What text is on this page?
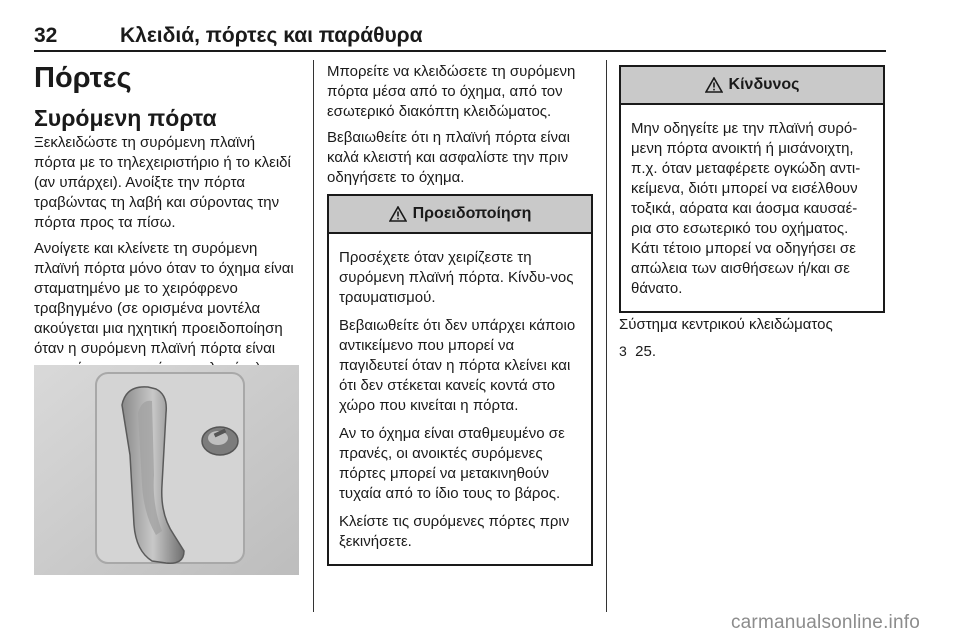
32	Κλειδιά, πόρτες και παράθυρα
Πόρτες
Συρόμενη πόρτα

Ξεκλειδώστε τη συρόμενη πλαϊνή πόρτα με το τηλεχειριστήριο ή το κλειδί (αν υπάρχει). Ανοίξτε την πόρτα τραβώντας τη λαβή και σύροντας την πόρτα προς τα πίσω.

Ανοίγετε και κλείνετε τη συρόμενη πλαϊνή πόρτα μόνο όταν το όχημα είναι σταματημένο με το χειρόφρενο τραβηγμένο (σε ορισμένα μοντέλα ακούγεται μια ηχητική προειδοποίηση όταν η συρόμενη πλαϊνή πόρτα είναι

Μπορείτε να κλειδώσετε τη συρόμενη πόρτα μέσα από το όχημα, από τον εσωτερικό διακόπτη κλειδώματος.

Βεβαιωθείτε ότι η πλαϊνή πόρτα είναι καλά κλειστή και ασφαλίστε την πριν οδηγήσετε το όχημα.

Προειδοποίηση

Προσέχετε όταν χειρίζεστε τη συρόμενη πλαϊνή πόρτα. Κίνδυ-νος τραυματισμού.

Βεβαιωθείτε ότι δεν υπάρχει κάποιο αντικείμενο που μπορεί να παγιδευτεί όταν η πόρτα κλείνει και ότι δεν στέκεται κανείς κοντά στο χώρο που κινείται η πόρτα.

Αν το όχημα είναι σταθμευμένο σε πρανές, οι ανοικτές συρόμενες πόρτες μπορεί να μετακινηθούν τυχαία από το ίδιο τους το βάρος.

Κλείστε τις συρόμενες πόρτες πριν ξεκινήσετε.

Κίνδυνος

Μην οδηγείτε με την πλαϊνή συρό-μενη πόρτα ανοικτή ή μισάνοιχτη, π.χ. όταν μεταφέρετε ογκώδη αντι-κείμενα, διότι μπορεί να εισέλθουν τοξικά, αόρατα και άοσμα καυσαέ-ρια στο εσωτερικό του οχήματος. Κάτι τέτοιο μπορεί να οδηγήσει σε απώλεια των αισθήσεων ή/και σε θάνατο.

Σύστημα κεντρικού κλειδώματος

3 25.

carmanualsonline.info
